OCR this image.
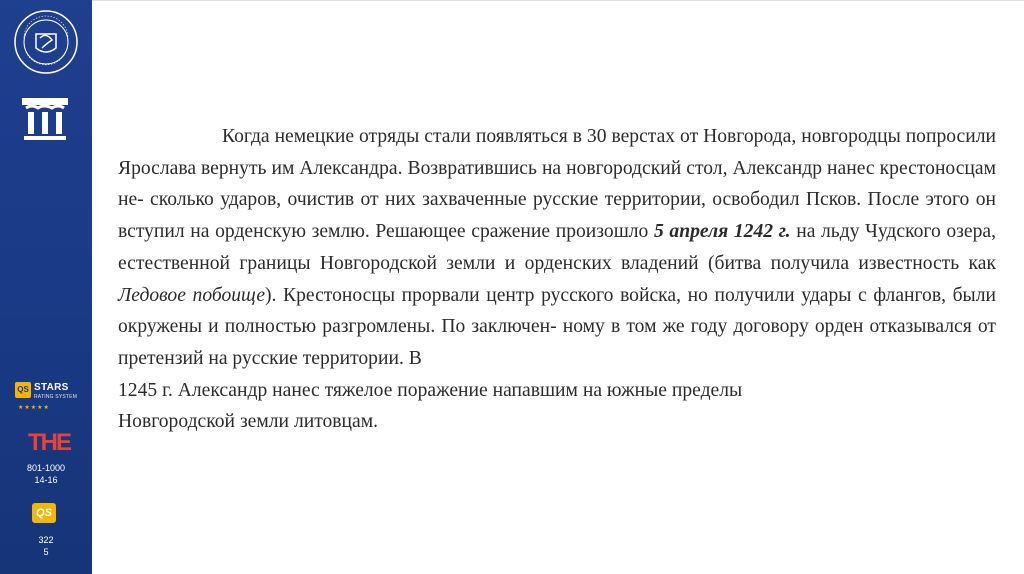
QS STARS
RATING SYSTEM
★★★★★
THE
801-1000
14-16
QS
322
5

Когда немецкие отряды стали появляться в 30 верстах от Новгорода, новгородцы попросили Ярослава вернуть им Александра. Возвратившись на новгородский стол, Александр нанес крестоносцам не- сколько ударов, очистив от них захваченные русские территории, освободил Псков. После этого он вступил на орденскую землю. Решающее сражение произошло 5 апреля 1242 г. на льду Чудского озера, естественной границы Новгородской земли и орденских владений (битва получила известность как Ледовое побоище). Крестоносцы прорвали центр русского войска, но получили удары с флангов, были окружены и полностью разгромлены. По заключен- ному в том же году договору орден отказывался от претензий на русские территории. В

1245 г. Александр нанес тяжелое поражение напавшим на южные пределы

Новгородской земли литовцам.
